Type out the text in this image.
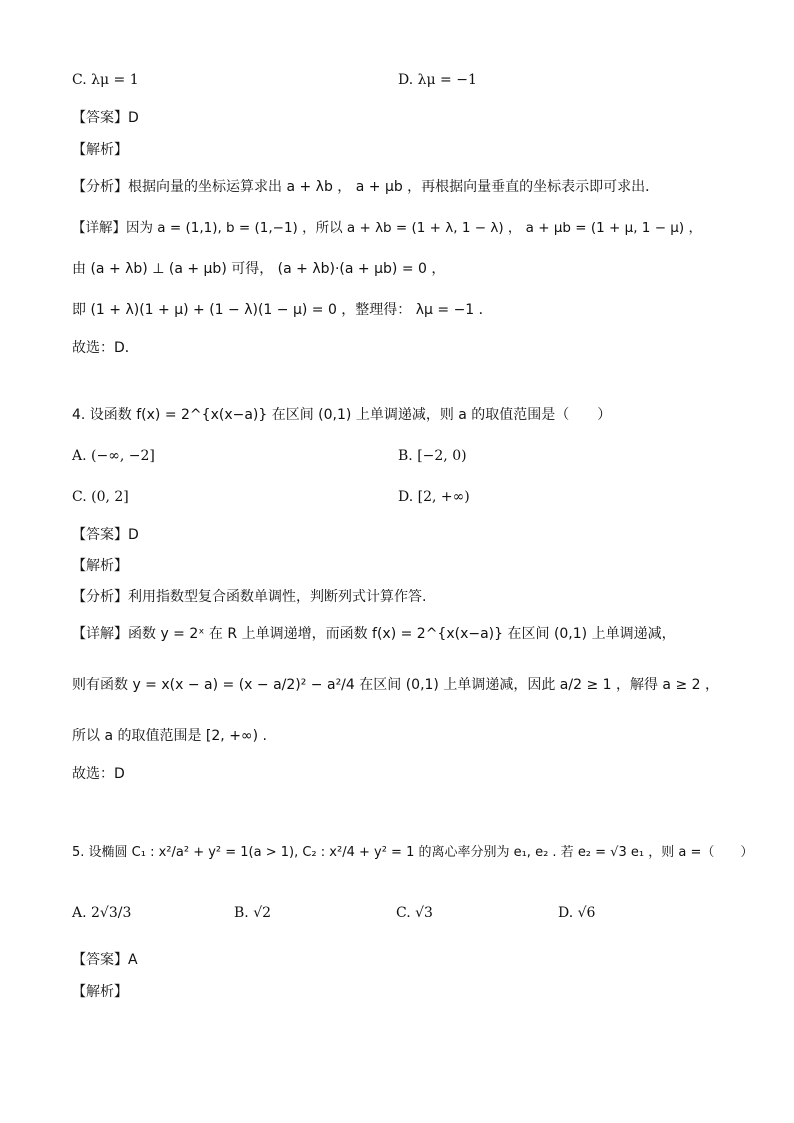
C. λμ = 1	D. λμ = −1
【答案】D
【解析】
【分析】根据向量的坐标运算求出 a + λb ， a + μb ，再根据向量垂直的坐标表示即可求出．
【详解】因为 a = (1,1), b = (1,−1) ，所以 a + λb = (1 + λ, 1 − λ) ， a + μb = (1 + μ, 1 − μ) ，
由 (a + λb) ⊥ (a + μb) 可得， (a + λb)·(a + μb) = 0 ，
即 (1 + λ)(1 + μ) + (1 − λ)(1 − μ) = 0 ，整理得： λμ = −1 ．
故选：D．
4. 设函数 f(x) = 2^{x(x−a)} 在区间 (0,1) 上单调递减，则 a 的取值范围是（　　）
A. (−∞, −2]	B. [−2, 0)
C. (0, 2]	D. [2, +∞)
【答案】D
【解析】
【分析】利用指数型复合函数单调性，判断列式计算作答.
【详解】函数 y = 2ˣ 在 R 上单调递增，而函数 f(x) = 2^{x(x−a)} 在区间 (0,1) 上单调递减，
则有函数 y = x(x − a) = (x − a/2)² − a²/4 在区间 (0,1) 上单调递减，因此 a/2 ≥ 1 ，解得 a ≥ 2 ，
所以 a 的取值范围是 [2, +∞) .
故选：D
5. 设椭圆 C₁ : x²/a² + y² = 1(a > 1), C₂ : x²/4 + y² = 1 的离心率分别为 e₁, e₂ . 若 e₂ = √3 e₁ ，则 a =（　　）
A. 2√3/3	B. √2	C. √3	D. √6
【答案】A
【解析】
